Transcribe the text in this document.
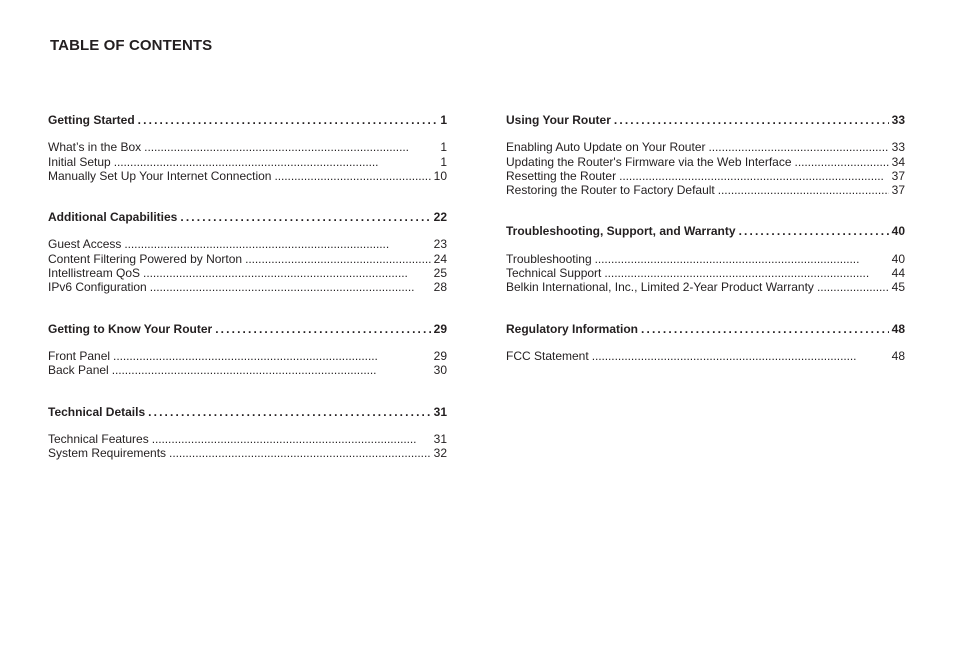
TABLE OF CONTENTS
Getting Started . . .	1
What’s in the Box . . .	1
Initial Setup . . .	1
Manually Set Up Your Internet Connection . . .	10
Additional Capabilities . . .	22
Guest Access . . .	23
Content Filtering Powered by Norton . . .	24
Intellistream QoS . . .	25
IPv6 Configuration . . .	28
Getting to Know Your Router . . .	29
Front Panel . . .	29
Back Panel . . .	30
Technical Details . . .	31
Technical Features . . .	31
System Requirements . . .	32
Using Your Router . . .	33
Enabling Auto Update on Your Router . . .	33
Updating the Router's Firmware via the Web Interface . . .	34
Resetting the Router . . .	37
Restoring the Router to Factory Default . . .	37
Troubleshooting, Support, and Warranty . . .	40
Troubleshooting . . .	40
Technical Support . . .	44
Belkin International, Inc., Limited 2-Year Product Warranty . . .	45
Regulatory Information . . .	48
FCC Statement . . .	48
